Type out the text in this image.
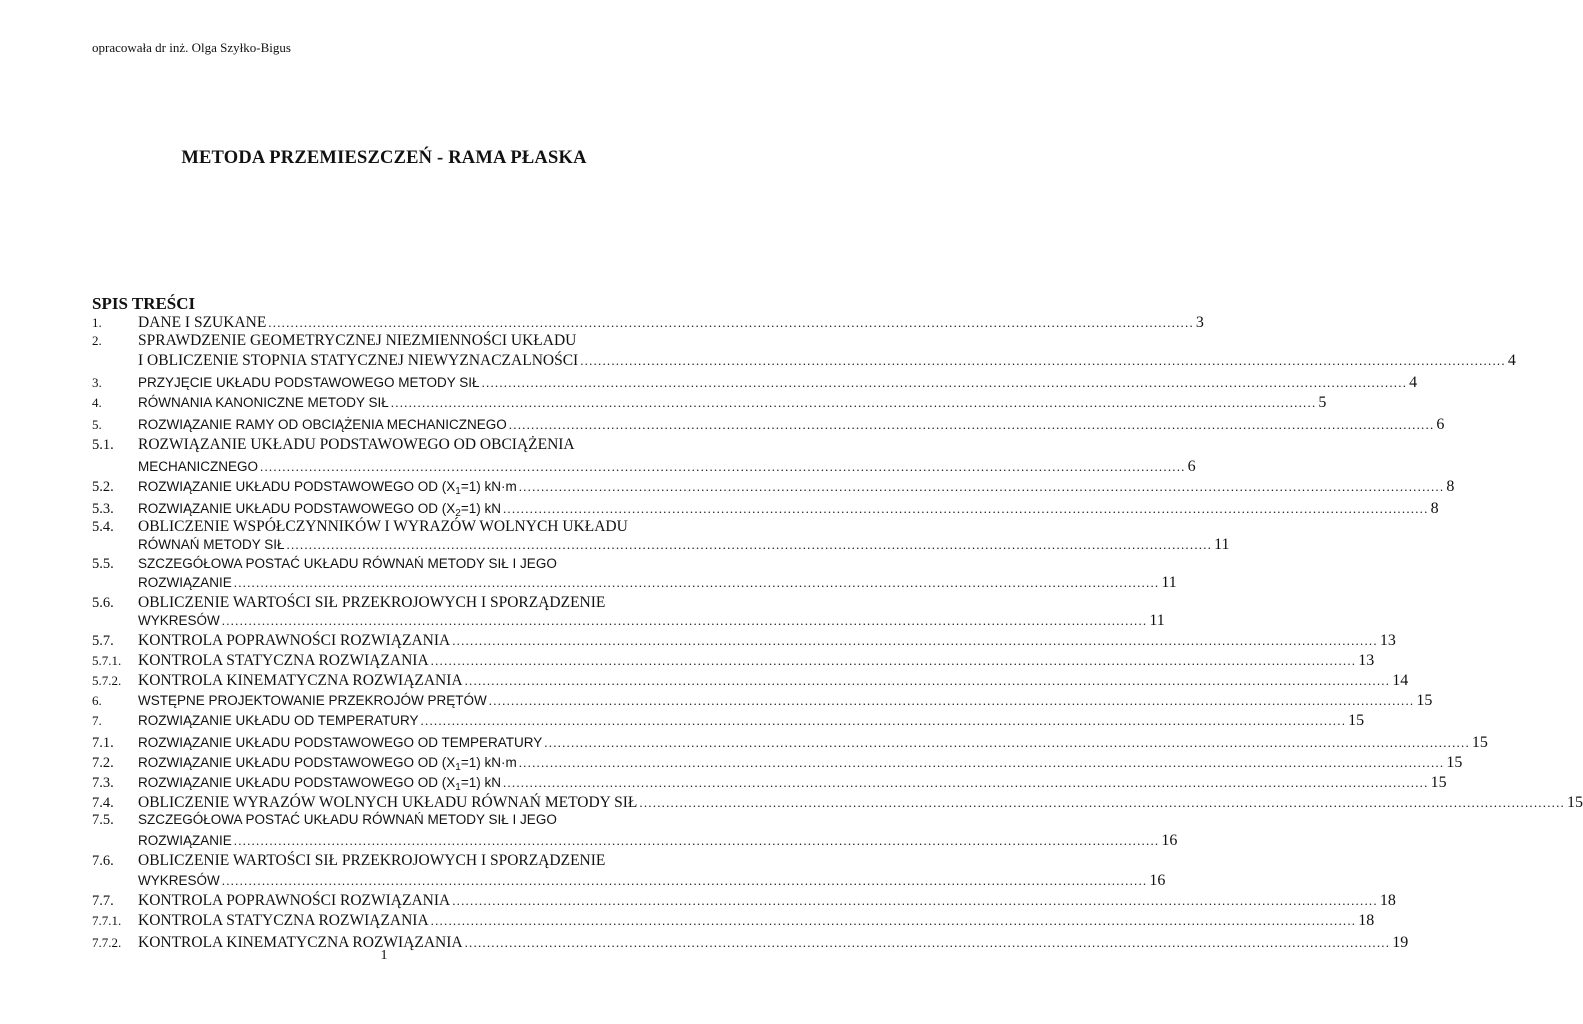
opracowała dr inż. Olga Szyłko-Bigus
METODA PRZEMIESZCZEŃ - RAMA PŁASKA
SPIS TREŚCI
1.	DANE I SZUKANE .....	3
2.	SPRAWDZENIE GEOMETRYCZNEJ NIEZMIENNOŚCI UKŁADU
I OBLICZENIE STOPNIA STATYCZNEJ NIEWYZNACZALNOŚCI .....	4
3.	PRZYJĘCIE UKŁADU PODSTAWOWEGO METODY SIŁ .....	4
4.	RÓWNANIA KANONICZNE METODY SIŁ .....	5
5.	ROZWIĄZANIE RAMY OD OBCIĄŻENIA MECHANICZNEGO .....	6
5.1.	ROZWIĄZANIE UKŁADU PODSTAWOWEGO OD OBCIĄŻENIA
MECHANICZNEGO .....	6
5.2.	ROZWIĄZANIE UKŁADU PODSTAWOWEGO OD $(X_1=1)$ kN·m .....	8
5.3.	ROZWIĄZANIE UKŁADU PODSTAWOWEGO OD $(X_2=1)$ kN .....	8
5.4.	OBLICZENIE WSPÓŁCZYNNIKÓW I WYRAZÓW WOLNYCH UKŁADU
RÓWNAŃ METODY SIŁ .....	11
5.5.	SZCZEGÓŁOWA POSTAĆ UKŁADU RÓWNAŃ METODY SIŁ I JEGO
ROZWIĄZANIE .....	11
5.6.	OBLICZENIE WARTOŚCI SIŁ PRZEKROJOWYCH I SPORZĄDZENIE
WYKRESÓW .....	11
5.7.	KONTROLA POPRAWNOŚCI ROZWIĄZANIA .....	13
5.7.1.	KONTROLA STATYCZNA ROZWIĄZANIA .....	13
5.7.2.	KONTROLA KINEMATYCZNA ROZWIĄZANIA .....	14
6.	WSTĘPNE PROJEKTOWANIE PRZEKROJÓW PRĘTÓW .....	15
7.	ROZWIĄZANIE UKŁADU OD TEMPERATURY .....	15
7.1.	ROZWIĄZANIE UKŁADU PODSTAWOWEGO OD TEMPERATURY .....	15
7.2.	ROZWIĄZANIE UKŁADU PODSTAWOWEGO OD $(X_1=1)$ kN·m .....	15
7.3.	ROZWIĄZANIE UKŁADU PODSTAWOWEGO OD $(X_1=1)$ kN .....	15
7.4.	OBLICZENIE WYRAZÓW WOLNYCH UKŁADU RÓWNAŃ METODY SIŁ .....	15
7.5.	SZCZEGÓŁOWA POSTAĆ UKŁADU RÓWNAŃ METODY SIŁ I JEGO
ROZWIĄZANIE .....	16
7.6.	OBLICZENIE WARTOŚCI SIŁ PRZEKROJOWYCH I SPORZĄDZENIE
WYKRESÓW .....	16
7.7.	KONTROLA POPRAWNOŚCI ROZWIĄZANIA .....	18
7.7.1.	KONTROLA STATYCZNA ROZWIĄZANIA .....	18
7.7.2.	KONTROLA KINEMATYCZNA ROZWIĄZANIA .....	19
1
